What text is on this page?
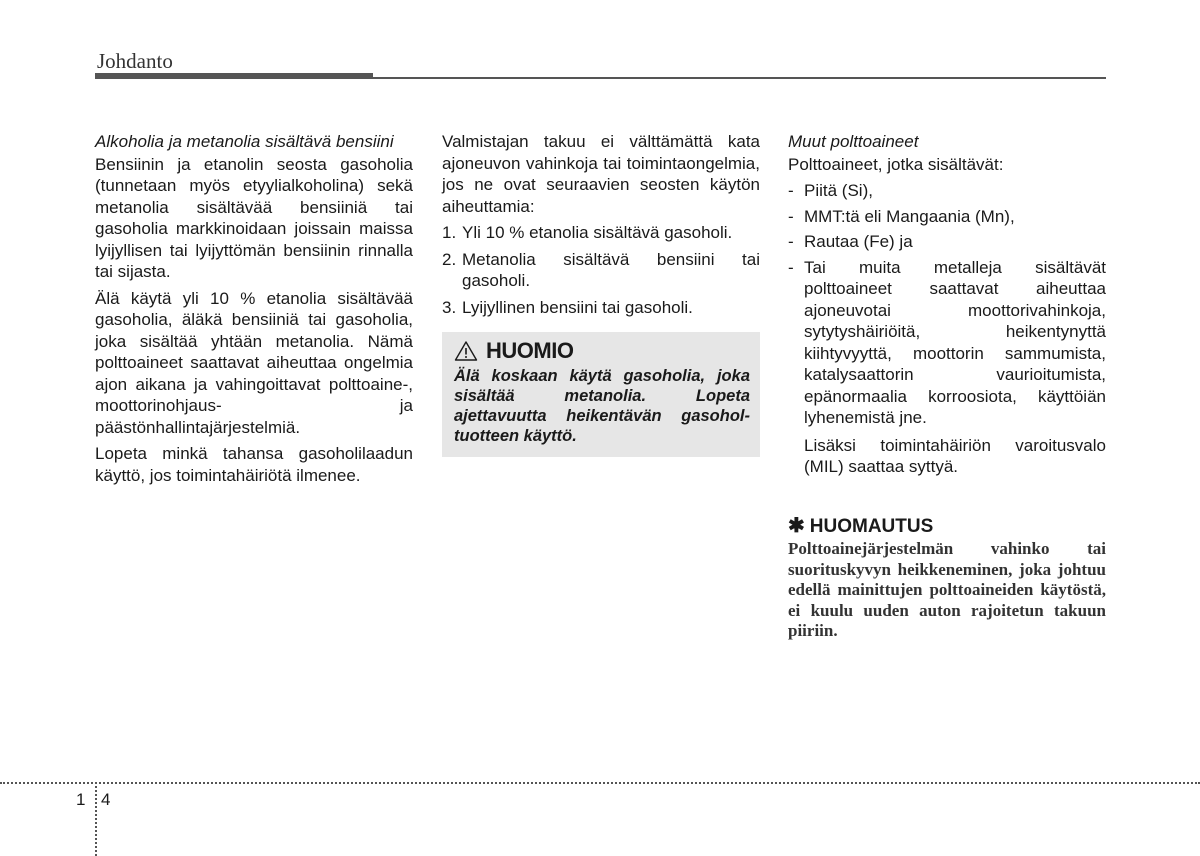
Johdanto
Alkoholia ja metanolia sisältävä bensiini

Bensiinin ja etanolin seosta gasoholia (tunnetaan myös etyylialkoholina) sekä metanolia sisältävää bensiiniä tai gasoholia markkinoidaan joissain maissa lyijyllisen tai lyijyttömän bensiinin rinnalla tai sijasta.

Älä käytä yli 10 % etanolia sisältävää gasoholia, äläkä bensiiniä tai gasoholia, joka sisältää yhtään metanolia. Nämä polttoaineet saattavat aiheuttaa ongelmia ajon aikana ja vahingoittavat polttoaine-, moottorinohjaus- ja päästönhallintajärjestelmiä.

Lopeta minkä tahansa gasoholilaadun käyttö, jos toimintahäiriötä ilmenee.

Valmistajan takuu ei välttämättä kata ajoneuvon vahinkoja tai toimintaongelmia, jos ne ovat seuraavien seosten käytön aiheuttamia:

1. Yli 10 % etanolia sisältävä gasoholi.
2. Metanolia sisältävä bensiini tai gasoholi.
3. Lyijyllinen bensiini tai gasoholi.
HUOMIO
Älä koskaan käytä gasoholia, joka sisältää metanolia. Lopeta ajettavuutta heikentävän gasohol-tuotteen käyttö.
Muut polttoaineet

Polttoaineet, jotka sisältävät:

- Piitä (Si),
- MMT:tä eli Mangaania (Mn),
- Rautaa (Fe) ja
- Tai muita metalleja sisältävät polttoaineet saattavat aiheuttaa ajoneuvotai moottorivahinkoja, sytytyshäiriöitä, heikentynyttä kiihtyvyyttä, moottorin sammumista, katalysaattorin vaurioitumista, epänormaalia korroosiota, käyttöiän lyhenemistä jne.

Lisäksi toimintahäiriön varoitusvalo (MIL) saattaa syttyä.

✱ HUOMAUTUS
Polttoainejärjestelmän vahinko tai suorituskyvyn heikkeneminen, joka johtuu edellä mainittujen polttoaineiden käytöstä, ei kuulu uuden auton rajoitetun takuun piiriin.
1 4
